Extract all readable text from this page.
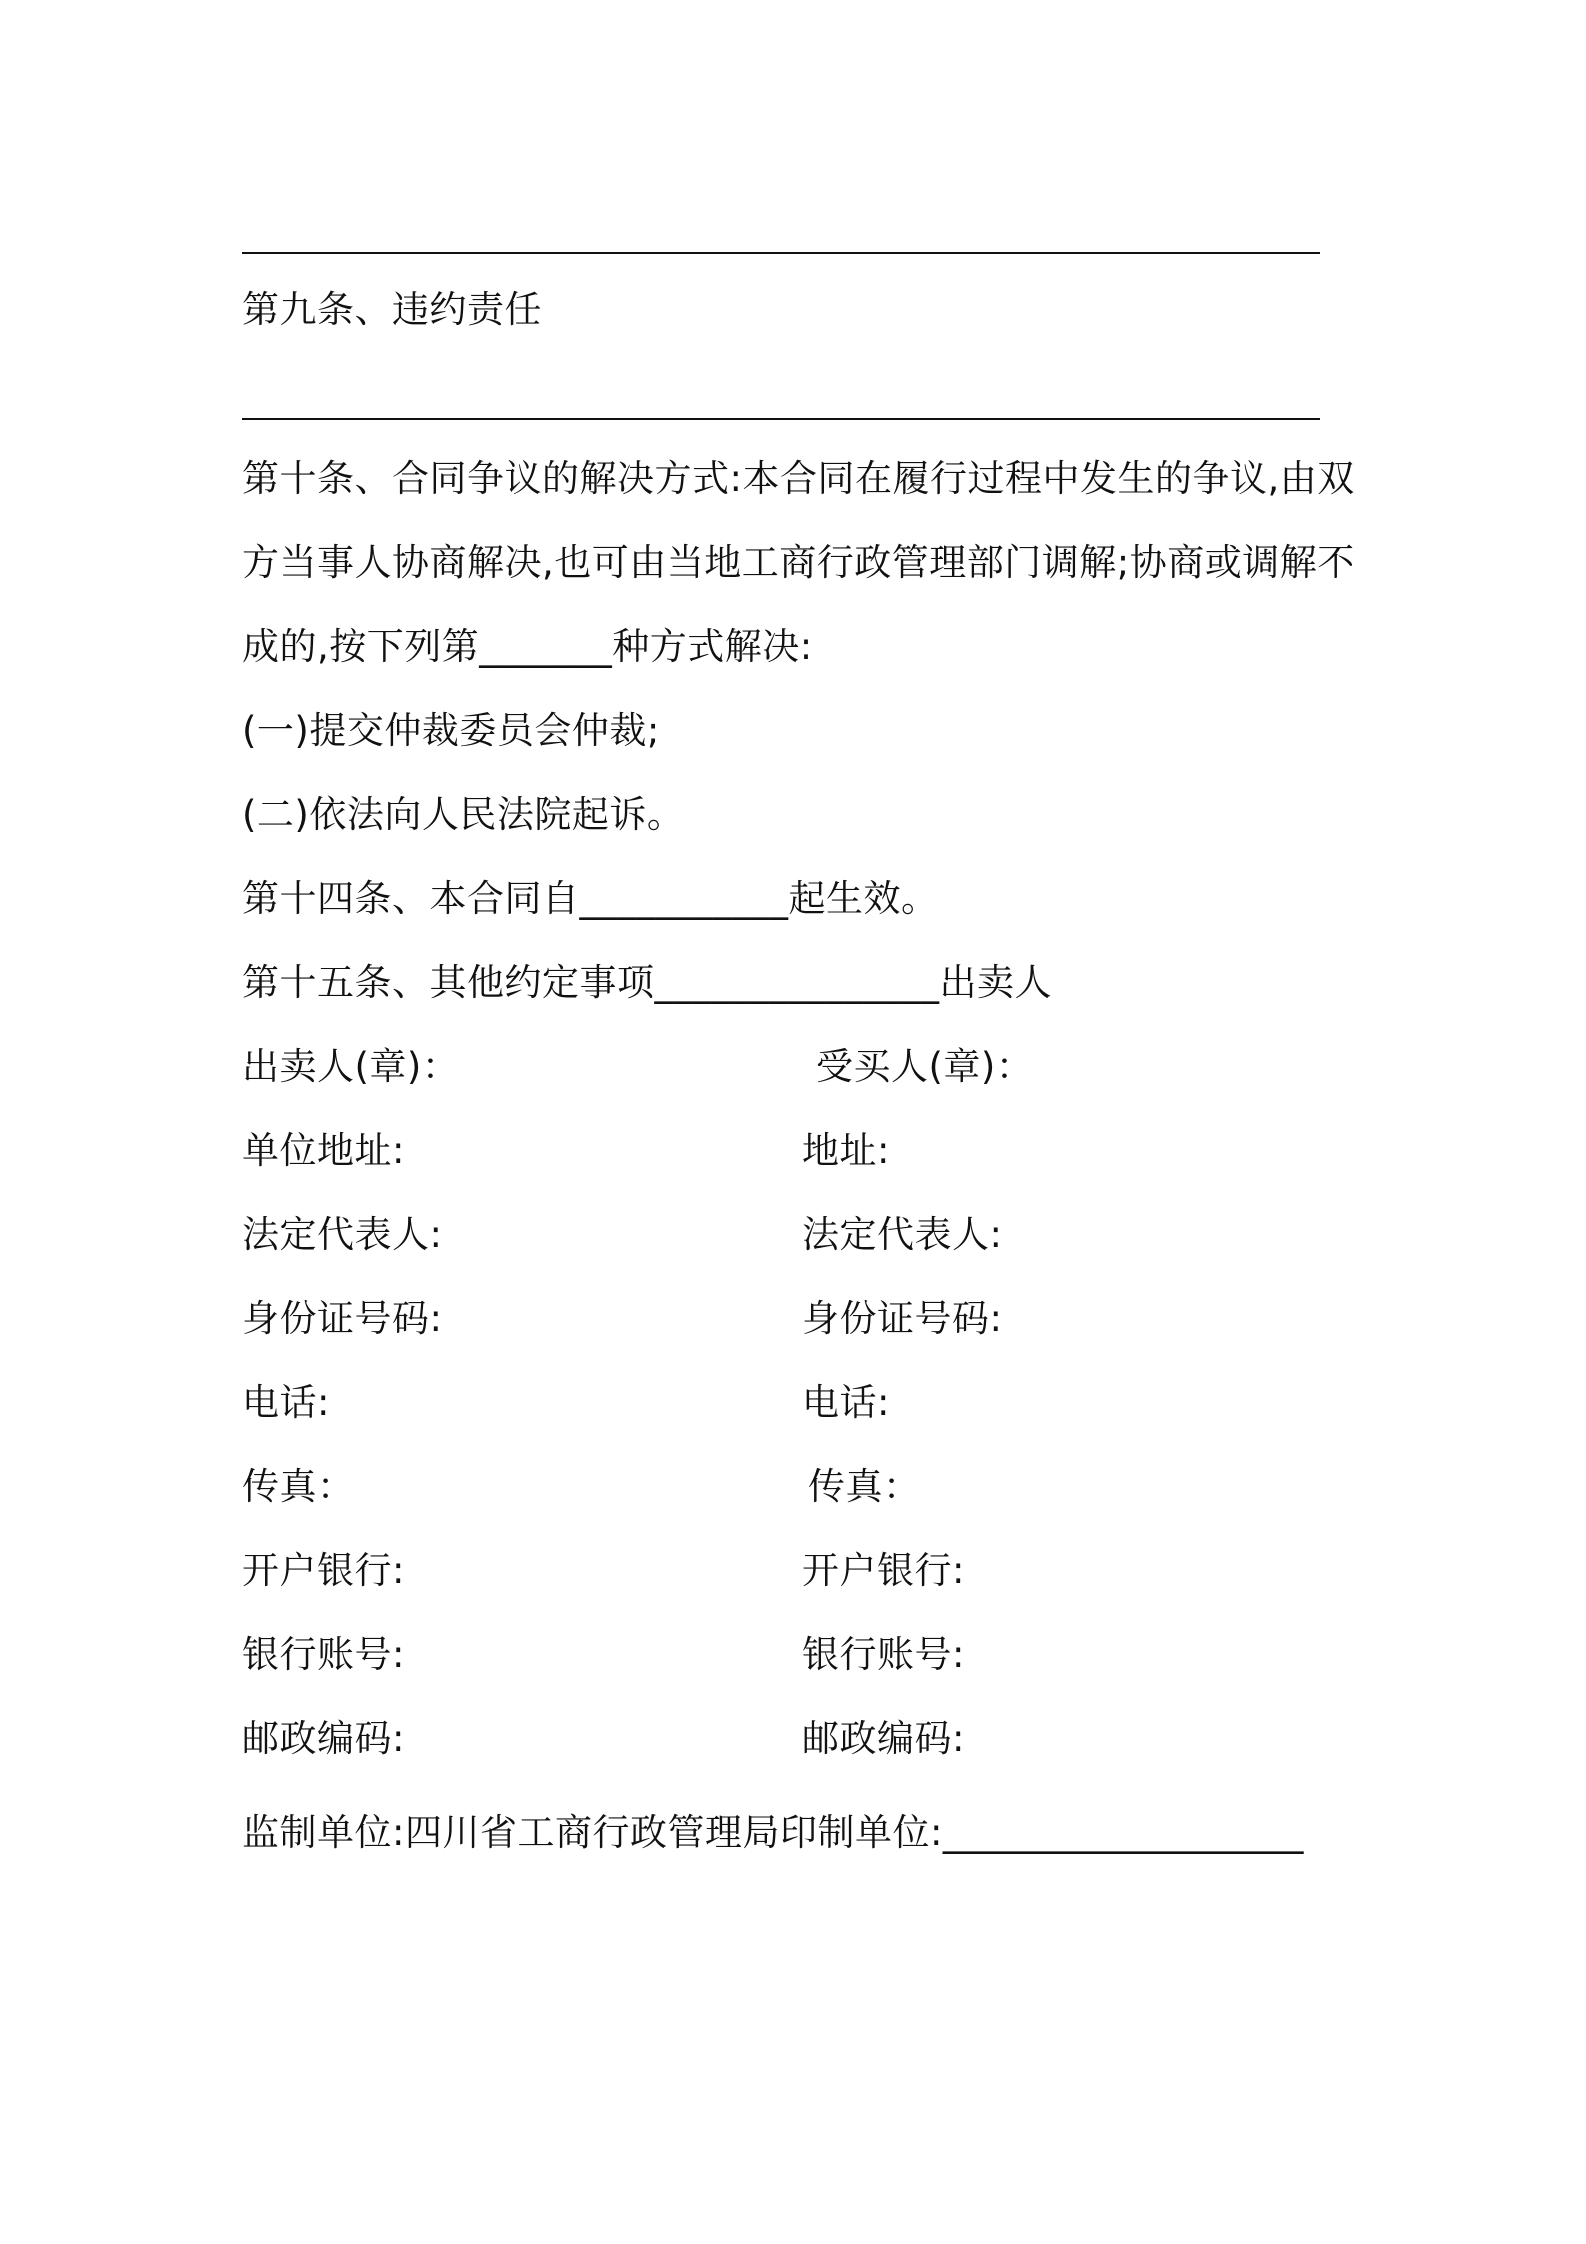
第九条、违约责任
第十条、合同争议的解决方式:本合同在履行过程中发生的争议,由双
方当事人协商解决,也可由当地工商行政管理部门调解;协商或调解不
成的,按下列第_______种方式解决:
(一)提交仲裁委员会仲裁;
(二)依法向人民法院起诉。
第十四条、本合同自___________起生效。
第十五条、其他约定事项_______________出卖人
出卖人(章)：	受买人(章)：
单位地址:	地址:
法定代表人:	法定代表人:
身份证号码:	身份证号码:
电话:	电话:
传真：	传真：
开户银行:	开户银行:
银行账号:	银行账号:
邮政编码:	邮政编码:
监制单位:四川省工商行政管理局印制单位:___________________
